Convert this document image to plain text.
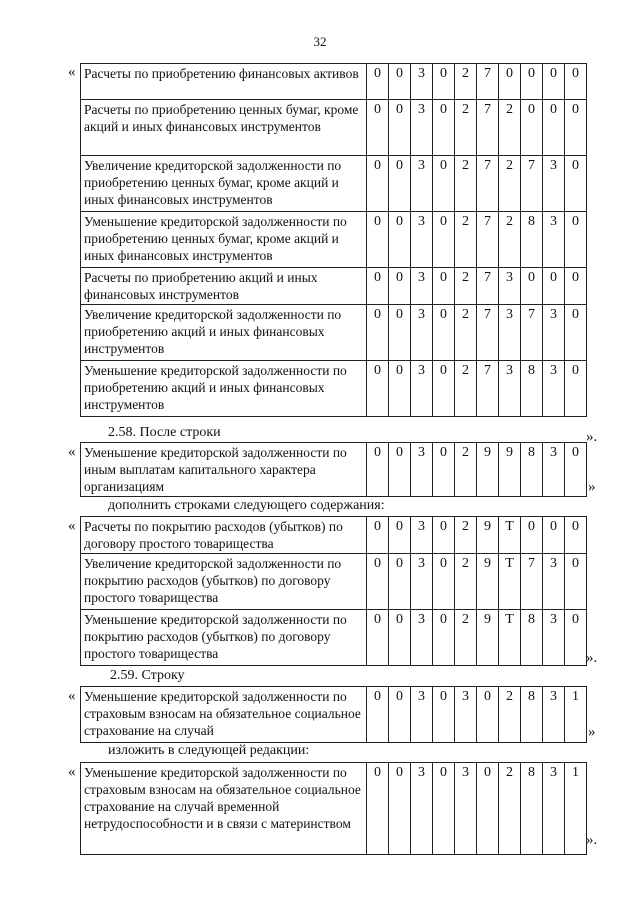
32
« Расчеты по приобретению финансовых активов	0	0	3	0	2	7	0	0	0	0
Расчеты по приобретению ценных бумаг, кроме акций и иных финансовых инструментов	0	0	3	0	2	7	2	0	0	0
Увеличение кредиторской задолженности по приобретению ценных бумаг, кроме акций и иных финансовых инструментов	0	0	3	0	2	7	2	7	3	0
Уменьшение кредиторской задолженности по приобретению ценных бумаг, кроме акций и иных финансовых инструментов	0	0	3	0	2	7	2	8	3	0
Расчеты по приобретению акций и иных финансовых инструментов	0	0	3	0	2	7	3	0	0	0
Увеличение кредиторской задолженности по приобретению акций и иных финансовых инструментов	0	0	3	0	2	7	3	7	3	0
Уменьшение кредиторской задолженности по приобретению акций и иных финансовых инструментов	0	0	3	0	2	7	3	8	3	0
».
2.58. После строки
« Уменьшение кредиторской задолженности по иным выплатам капитального характера организациям	0	0	3	0	2	9	9	8	3	0
»
дополнить строками следующего содержания:
« Расчеты по покрытию расходов (убытков) по договору простого товарищества	0	0	3	0	2	9	Т	0	0	0
Увеличение кредиторской задолженности по покрытию расходов (убытков) по договору простого товарищества	0	0	3	0	2	9	Т	7	3	0
Уменьшение кредиторской задолженности по покрытию расходов (убытков) по договору простого товарищества	0	0	3	0	2	9	Т	8	3	0
».
2.59. Строку
« Уменьшение кредиторской задолженности по страховым взносам на обязательное социальное страхование на случай	0	0	3	0	3	0	2	8	3	1
»
изложить в следующей редакции:
« Уменьшение кредиторской задолженности по страховым взносам на обязательное социальное страхование на случай временной нетрудоспособности и в связи с материнством	0	0	3	0	3	0	2	8	3	1
».
